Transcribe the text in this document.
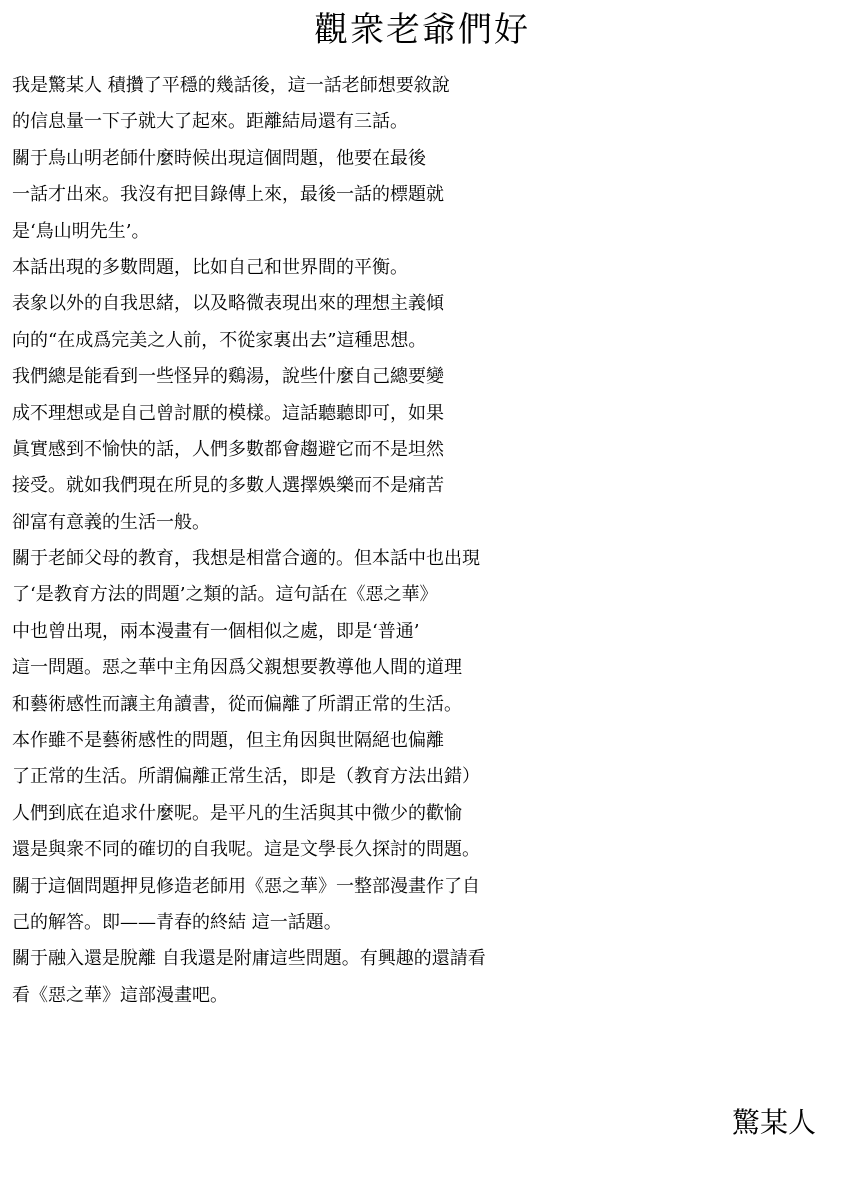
觀衆老爺們好
我是驚某人 積攢了平穩的幾話後，這一話老師想要敘說
的信息量一下子就大了起來。距離結局還有三話。
關于鳥山明老師什麼時候出現這個問題，他要在最後
一話才出來。我沒有把目錄傳上來，最後一話的標題就
是‘鳥山明先生’。
本話出現的多數問題，比如自己和世界間的平衡。
表象以外的自我思緒，以及略微表現出來的理想主義傾
向的“在成爲完美之人前，不從家裏出去”這種思想。
我們總是能看到一些怪异的鷄湯，說些什麼自己總要變
成不理想或是自己曾討厭的模樣。這話聽聽即可，如果
眞實感到不愉快的話，人們多數都會趨避它而不是坦然
接受。就如我們現在所見的多數人選擇娛樂而不是痛苦
卻富有意義的生活一般。
關于老師父母的教育，我想是相當合適的。但本話中也出現
了‘是教育方法的問題’之類的話。這句話在《惡之華》
中也曾出現，兩本漫畫有一個相似之處，即是‘普通’
這一問題。惡之華中主角因爲父親想要教導他人間的道理
和藝術感性而讓主角讀書，從而偏離了所謂正常的生活。
本作雖不是藝術感性的問題，但主角因與世隔絕也偏離
了正常的生活。所謂偏離正常生活，即是（教育方法出錯）
人們到底在追求什麼呢。是平凡的生活與其中微少的歡愉
還是與衆不同的確切的自我呢。這是文學長久探討的問題。
關于這個問題押見修造老師用《惡之華》一整部漫畫作了自
己的解答。即——青春的終結 這一話題。
關于融入還是脫離 自我還是附庸這些問題。有興趣的還請看
看《惡之華》這部漫畫吧。
驚某人
